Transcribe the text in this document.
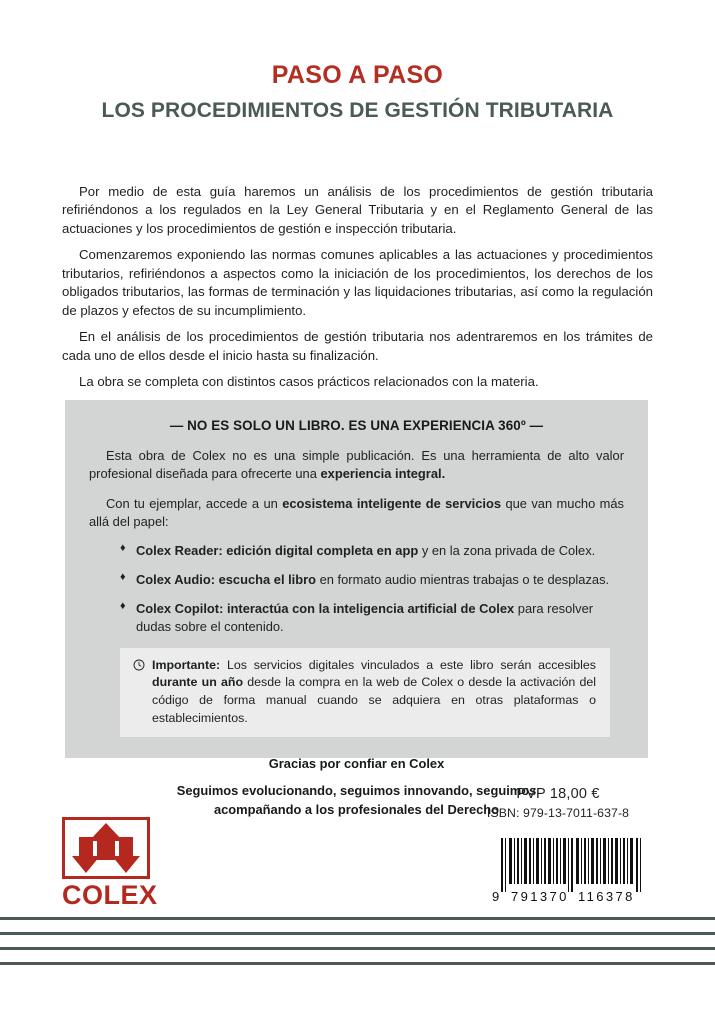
PASO A PASO
LOS PROCEDIMIENTOS DE GESTIÓN TRIBUTARIA

Por medio de esta guía haremos un análisis de los procedimientos de gestión tributaria refiriéndonos a los regulados en la Ley General Tributaria y en el Reglamento General de las actuaciones y los procedimientos de gestión e inspección tributaria.

Comenzaremos exponiendo las normas comunes aplicables a las actuaciones y procedimientos tributarios, refiriéndonos a aspectos como la iniciación de los procedimientos, los derechos de los obligados tributarios, las formas de terminación y las liquidaciones tributarias, así como la regulación de plazos y efectos de su incumplimiento.

En el análisis de los procedimientos de gestión tributaria nos adentraremos en los trámites de cada uno de ellos desde el inicio hasta su finalización.

La obra se completa con distintos casos prácticos relacionados con la materia.

— NO ES SOLO UN LIBRO. ES UNA EXPERIENCIA 360º —

Esta obra de Colex no es una simple publicación. Es una herramienta de alto valor profesional diseñada para ofrecerte una experiencia integral.

Con tu ejemplar, accede a un ecosistema inteligente de servicios que van mucho más allá del papel:

♦ Colex Reader: edición digital completa en app y en la zona privada de Colex.
♦ Colex Audio: escucha el libro en formato audio mientras trabajas o te desplazas.
♦ Colex Copilot: interactúa con la inteligencia artificial de Colex para resolver dudas sobre el contenido.
Importante: Los servicios digitales vinculados a este libro serán accesibles durante un año desde la compra en la web de Colex o desde la activación del código de forma manual cuando se adquiera en otras plataformas o establecimientos.
Gracias por confiar en Colex
Seguimos evolucionando, seguimos innovando, seguimos
acompañando a los profesionales del Derecho
PVP 18,00 €
ISBN: 979-13-7011-637-8
9 791370 116378
COLEX
